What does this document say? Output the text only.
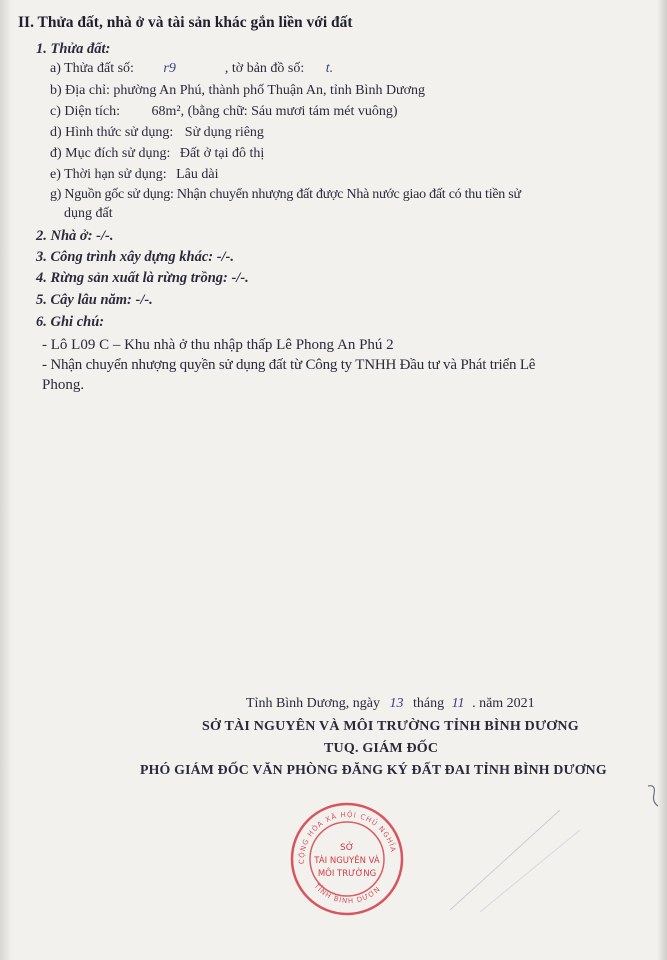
II. Thửa đất, nhà ở và tài sản khác gắn liền với đất
1. Thửa đất:
a) Thửa đất số: r9	, tờ bản đồ số: t.
b) Địa chỉ: phường An Phú, thành phố Thuận An, tỉnh Bình Dương
c) Diện tích: 68m², (bằng chữ: Sáu mươi tám mét vuông)
d) Hình thức sử dụng: Sử dụng riêng
đ) Mục đích sử dụng: Đất ở tại đô thị
e) Thời hạn sử dụng: Lâu dài
g) Nguồn gốc sử dụng: Nhận chuyển nhượng đất được Nhà nước giao đất có thu tiền sử
dụng đất
2. Nhà ở: -/-.
3. Công trình xây dựng khác: -/-.
4. Rừng sản xuất là rừng trồng: -/-.
5. Cây lâu năm: -/-.
6. Ghi chú:
- Lô L09 C – Khu nhà ở thu nhập thấp Lê Phong An Phú 2
- Nhận chuyển nhượng quyền sử dụng đất từ Công ty TNHH Đầu tư và Phát triển Lê
Phong.
Tỉnh Bình Dương, ngày 13 tháng 11 . năm 2021
SỞ TÀI NGUYÊN VÀ MÔI TRƯỜNG TỈNH BÌNH DƯƠNG
TUQ. GIÁM ĐỐC
PHÓ GIÁM ĐỐC VĂN PHÒNG ĐĂNG KÝ ĐẤT ĐAI TỈNH BÌNH DƯƠNG
CỘNG HÒA XÃ HỘI CHỦ NGHĨA
TỈNH BÌNH DƯƠN
SỞ
TÀI NGUYÊN VÀ
MÔI TRƯỜNG
